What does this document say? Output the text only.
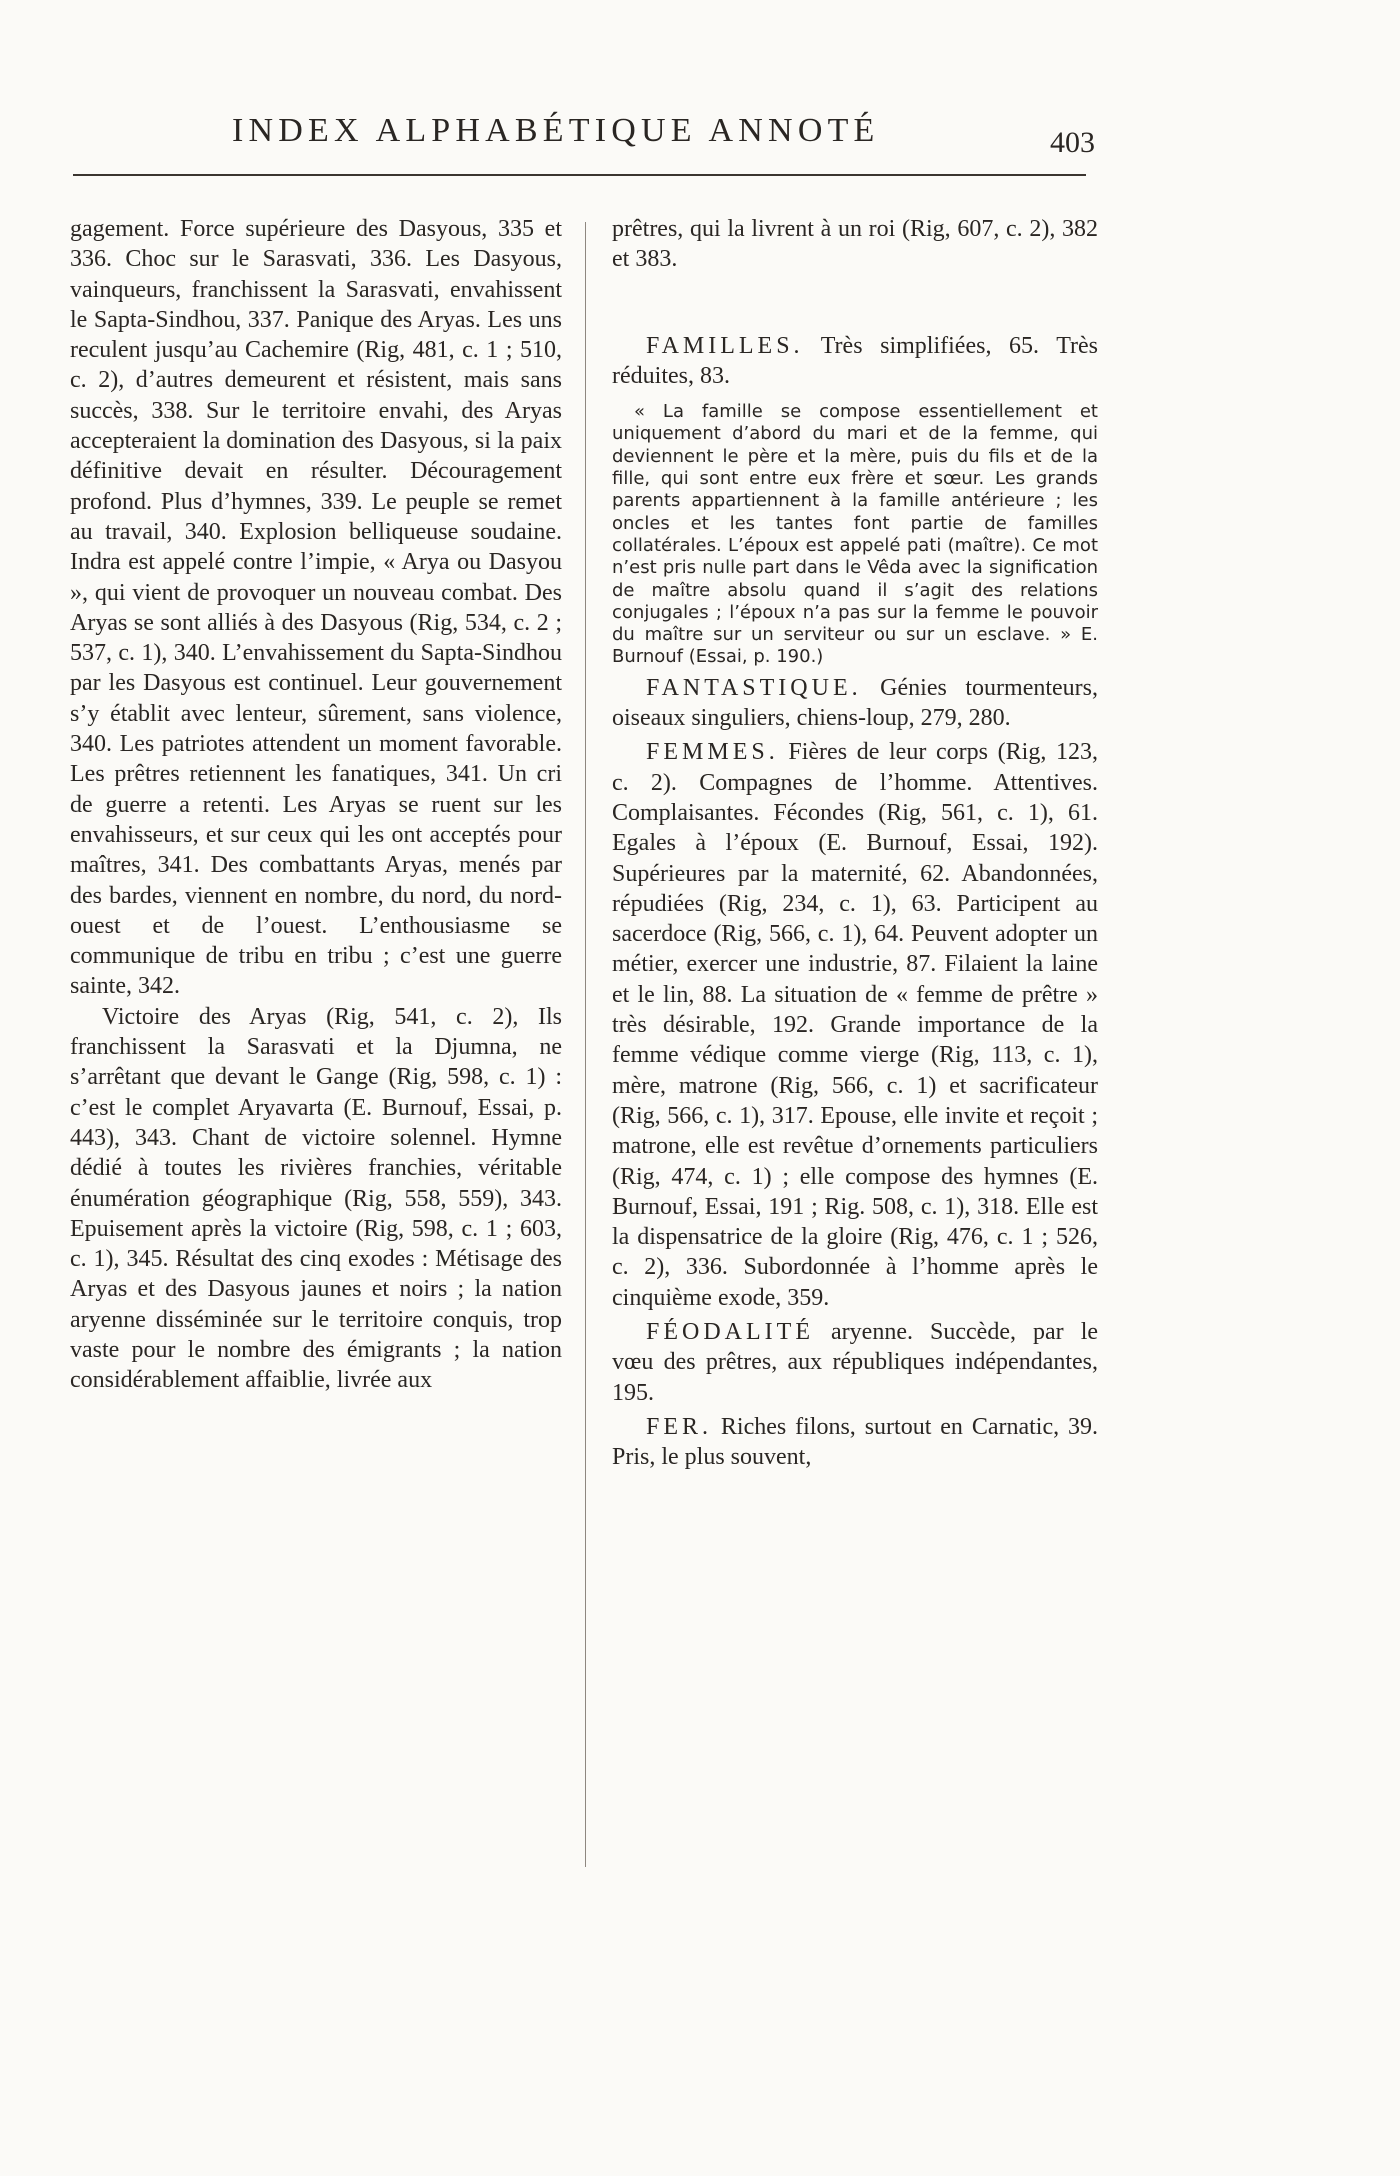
INDEX ALPHABÉTIQUE ANNOTÉ	403

gagement. Force supérieure des Dasyous, 335 et 336. Choc sur le Sarasvati, 336. Les Dasyous, vainqueurs, franchissent la Sarasvati, envahissent le Sapta-Sindhou, 337. Panique des Aryas. Les uns reculent jusqu’au Cachemire (Rig, 481, c. 1 ; 510, c. 2), d’autres demeurent et résistent, mais sans succès, 338. Sur le territoire envahi, des Aryas accepteraient la domination des Dasyous, si la paix définitive devait en résulter. Découragement profond. Plus d’hymnes, 339. Le peuple se remet au travail, 340. Explosion belliqueuse soudaine. Indra est appelé contre l’impie, « Arya ou Dasyou », qui vient de provoquer un nouveau combat. Des Aryas se sont alliés à des Dasyous (Rig, 534, c. 2 ; 537, c. 1), 340. L’envahissement du Sapta-Sindhou par les Dasyous est continuel. Leur gouvernement s’y établit avec lenteur, sûrement, sans violence, 340. Les patriotes attendent un moment favorable. Les prêtres retiennent les fanatiques, 341. Un cri de guerre a retenti. Les Aryas se ruent sur les envahisseurs, et sur ceux qui les ont acceptés pour maîtres, 341. Des combattants Aryas, menés par des bardes, viennent en nombre, du nord, du nord-ouest et de l’ouest. L’enthousiasme se communique de tribu en tribu ; c’est une guerre sainte, 342.

Victoire des Aryas (Rig, 541, c. 2), Ils franchissent la Sarasvati et la Djumna, ne s’arrêtant que devant le Gange (Rig, 598, c. 1) : c’est le complet Aryavarta (E. Burnouf, Essai, p. 443), 343. Chant de victoire solennel. Hymne dédié à toutes les rivières franchies, véritable énumération géographique (Rig, 558, 559), 343. Epuisement après la victoire (Rig, 598, c. 1 ; 603, c. 1), 345. Résultat des cinq exodes : Métisage des Aryas et des Dasyous jaunes et noirs ; la nation aryenne disséminée sur le territoire conquis, trop vaste pour le nombre des émigrants ; la nation considérablement affaiblie, livrée aux

prêtres, qui la livrent à un roi (Rig, 607, c. 2), 382 et 383.

FAMILLES. Très simplifiées, 65. Très réduites, 83.

« La famille se compose essentiellement et uniquement d’abord du mari et de la femme, qui deviennent le père et la mère, puis du fils et de la fille, qui sont entre eux frère et sœur. Les grands parents appartiennent à la famille antérieure ; les oncles et les tantes font partie de familles collatérales. L’époux est appelé pati (maître). Ce mot n’est pris nulle part dans le Vêda avec la signification de maître absolu quand il s’agit des relations conjugales ; l’époux n’a pas sur la femme le pouvoir du maître sur un serviteur ou sur un esclave. » E. Burnouf (Essai, p. 190.)

FANTASTIQUE. Génies tourmenteurs, oiseaux singuliers, chiens-loup, 279, 280.

FEMMES. Fières de leur corps (Rig, 123, c. 2). Compagnes de l’homme. Attentives. Complaisantes. Fécondes (Rig, 561, c. 1), 61. Egales à l’époux (E. Burnouf, Essai, 192). Supérieures par la maternité, 62. Abandonnées, répudiées (Rig, 234, c. 1), 63. Participent au sacerdoce (Rig, 566, c. 1), 64. Peuvent adopter un métier, exercer une industrie, 87. Filaient la laine et le lin, 88. La situation de « femme de prêtre » très désirable, 192. Grande importance de la femme védique comme vierge (Rig, 113, c. 1), mère, matrone (Rig, 566, c. 1) et sacrificateur (Rig, 566, c. 1), 317. Epouse, elle invite et reçoit ; matrone, elle est revêtue d’ornements particuliers (Rig, 474, c. 1) ; elle compose des hymnes (E. Burnouf, Essai, 191 ; Rig. 508, c. 1), 318. Elle est la dispensatrice de la gloire (Rig, 476, c. 1 ; 526, c. 2), 336. Subordonnée à l’homme après le cinquième exode, 359.

FÉODALITÉ aryenne. Succède, par le vœu des prêtres, aux républiques indépendantes, 195.

FER. Riches filons, surtout en Carnatic, 39. Pris, le plus souvent,
